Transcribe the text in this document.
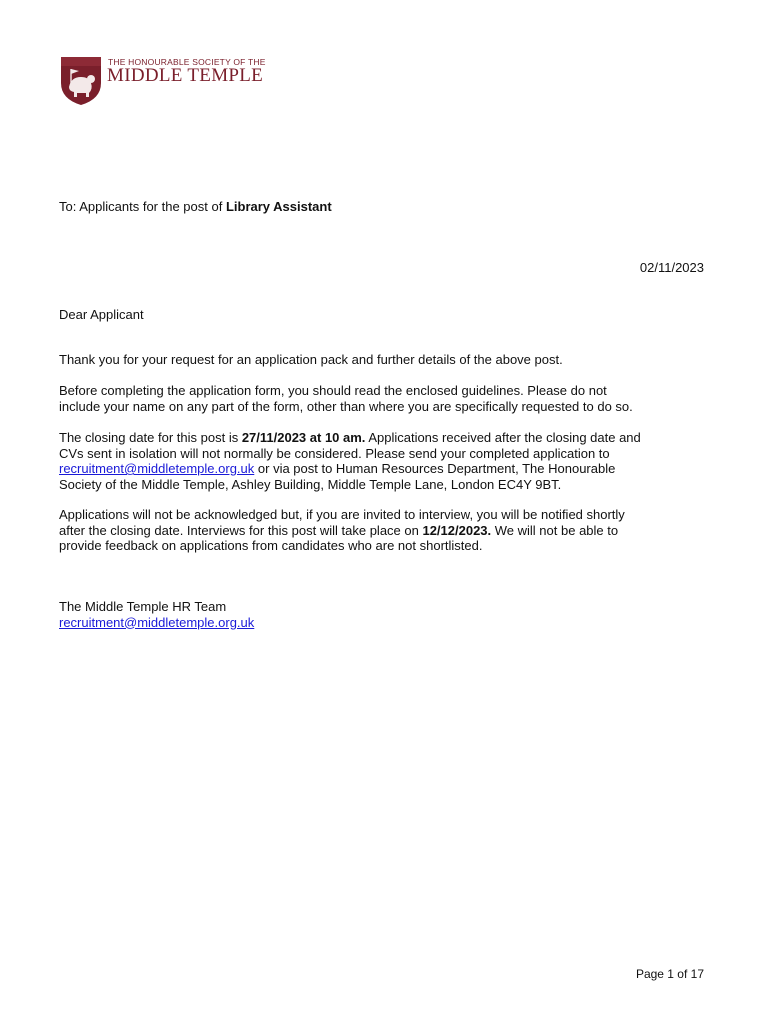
THE HONOURABLE SOCIETY OF THE
MIDDLE TEMPLE
To: Applicants for the post of Library Assistant
02/11/2023
Dear Applicant
Thank you for your request for an application pack and further details of the above post.
Before completing the application form, you should read the enclosed guidelines. Please do not
include your name on any part of the form, other than where you are specifically requested to do so.
The closing date for this post is 27/11/2023 at 10 am. Applications received after the closing date and
CVs sent in isolation will not normally be considered. Please send your completed application to
recruitment@middletemple.org.uk or via post to Human Resources Department, The Honourable
Society of the Middle Temple, Ashley Building, Middle Temple Lane, London EC4Y 9BT.
Applications will not be acknowledged but, if you are invited to interview, you will be notified shortly
after the closing date. Interviews for this post will take place on 12/12/2023. We will not be able to
provide feedback on applications from candidates who are not shortlisted.
The Middle Temple HR Team
recruitment@middletemple.org.uk
Page 1 of 17
